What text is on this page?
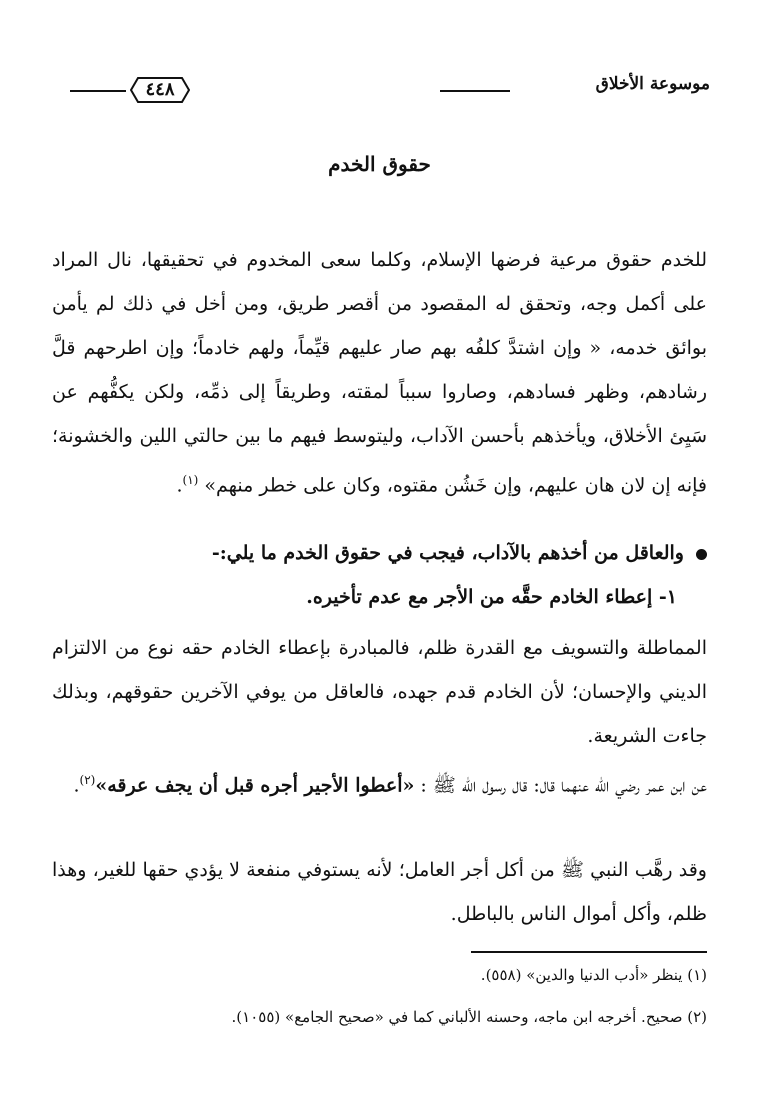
موسوعة الأخلاق
٤٤٨
حقوق الخدم

للخدم حقوق مرعية فرضها الإسلام، وكلما سعى المخدوم في تحقيقها، نال المراد على أكمل وجه، وتحقق له المقصود من أقصر طريق، ومن أخل في ذلك لم يأمن بوائق خدمه، « وإن اشتدَّ كلفُه بهم صار عليهم قيِّماً، ولهم خادماً؛ وإن اطرحهم قلَّ رشادهم، وظهر فسادهم، وصاروا سبباً لمقته، وطريقاً إلى ذمِّه، ولكن يكفُّهم عن سَيِئ الأخلاق، ويأخذهم بأحسن الآداب، وليتوسط فيهم ما بين حالتي اللين والخشونة؛ فإنه إن لان هان عليهم، وإن خَشُن مقتوه، وكان على خطر منهم» $^{(١)}$.

والعاقل من أخذهم بالآداب، فيجب في حقوق الخدم ما يلي:-
١- إعطاء الخادم حقَّه من الأجر مع عدم تأخيره.

المماطلة والتسويف مع القدرة ظلم، فالمبادرة بإعطاء الخادم حقه نوع من الالتزام الديني والإحسان؛ لأن الخادم قدم جهده، فالعاقل من يوفي الآخرين حقوقهم، وبذلك جاءت الشريعة.

عن ابن عمر رضي الله عنهما قال: قال رسول الله ﷺ : «أعطوا الأجير أجره قبل أن يجف عرقه»$^{(٢)}$.

وقد رهَّب النبي ﷺ من أكل أجر العامل؛ لأنه يستوفي منفعة لا يؤدي حقها للغير، وهذا ظلم، وأكل أموال الناس بالباطل.

(١) ينظر «أدب الدنيا والدين» (٥٥٨).
(٢) صحيح. أخرجه ابن ماجه، وحسنه الألباني كما في «صحيح الجامع» (١٠٥٥).
